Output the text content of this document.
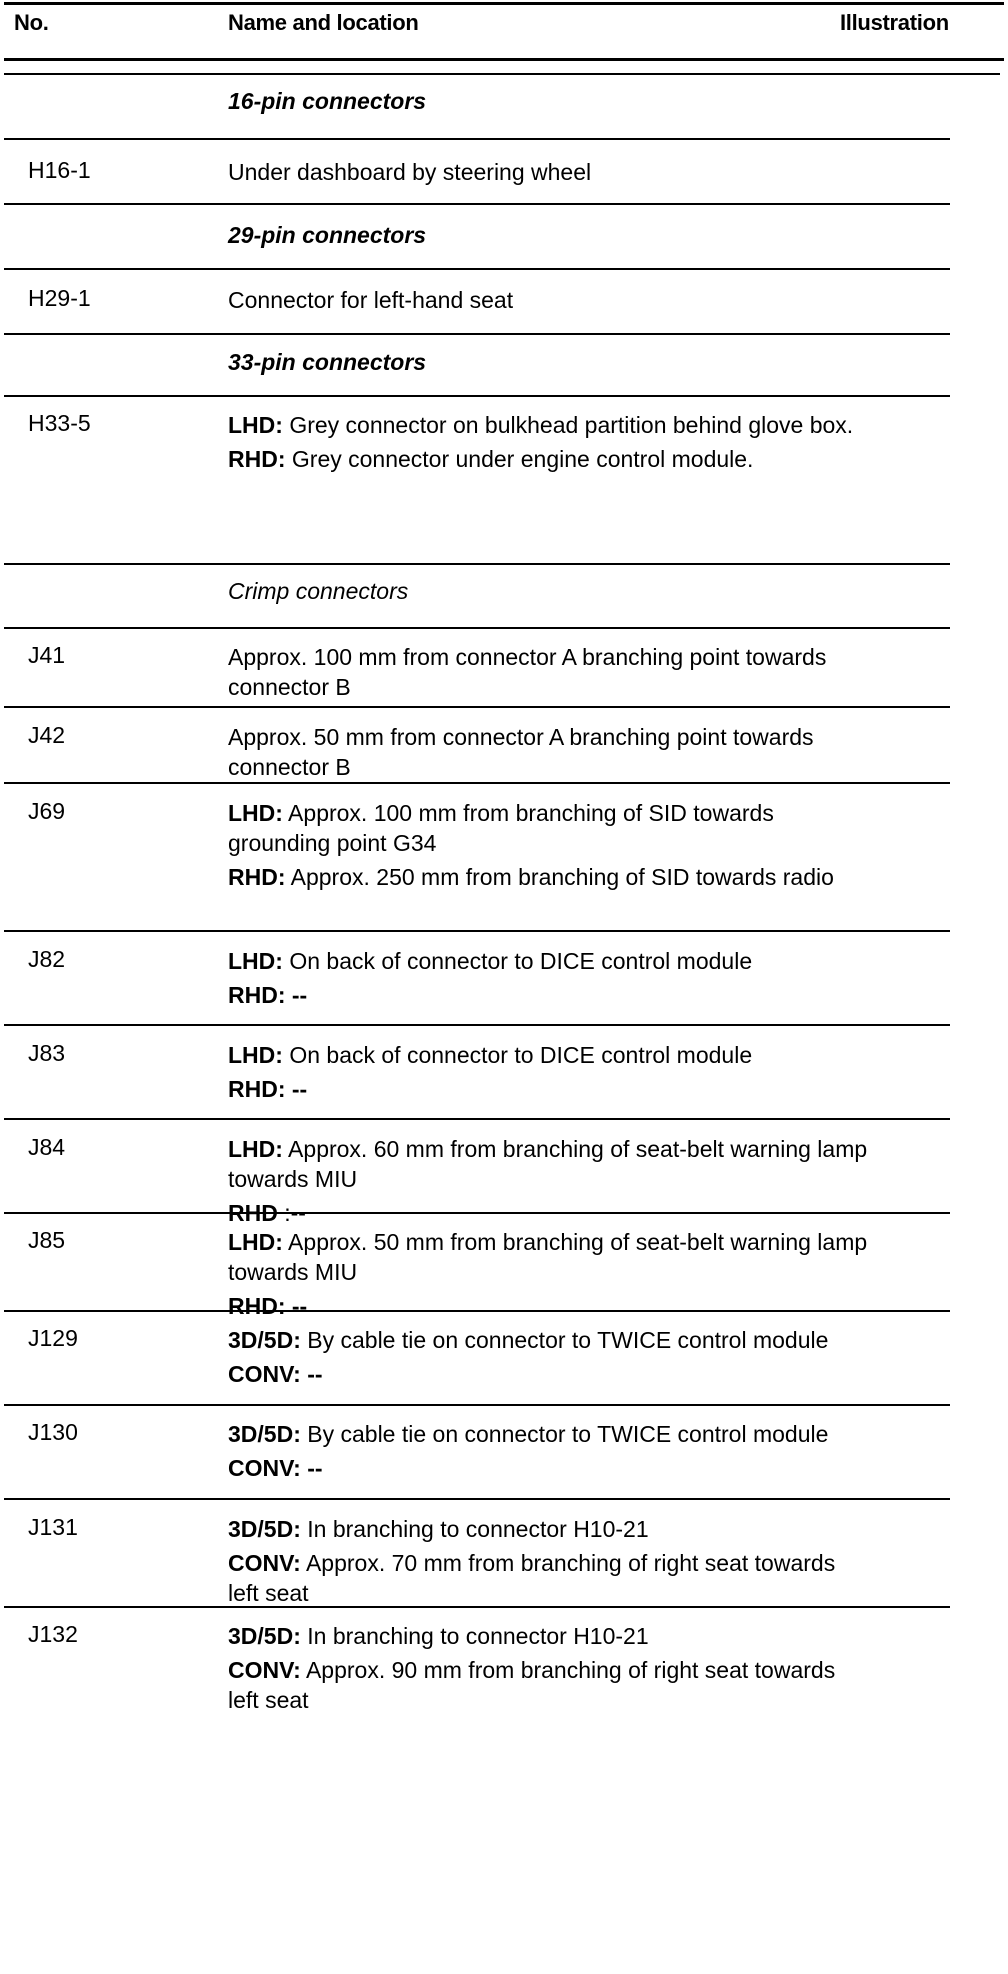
No.	Name and location	Illustration
16-pin connectors
H16-1	Under dashboard by steering wheel
29-pin connectors
H29-1	Connector for left-hand seat
33-pin connectors
H33-5	LHD: Grey connector on bulkhead partition behind glove box.
RHD: Grey connector under engine control module.
Crimp connectors
J41	Approx. 100 mm from connector A branching point towards connector B
J42	Approx. 50 mm from connector A branching point towards connector B
J69	LHD: Approx. 100 mm from branching of SID towards grounding point G34
RHD: Approx. 250 mm from branching of SID towards radio
J82	LHD: On back of connector to DICE control module
RHD: --
J83	LHD: On back of connector to DICE control module
RHD: --
J84	LHD: Approx. 60 mm from branching of seat-belt warning lamp towards MIU
RHD :--
J85	LHD: Approx. 50 mm from branching of seat-belt warning lamp towards MIU
RHD: --
J129	3D/5D: By cable tie on connector to TWICE control module
CONV: --
J130	3D/5D: By cable tie on connector to TWICE control module
CONV: --
J131	3D/5D: In branching to connector H10-21
CONV: Approx. 70 mm from branching of right seat towards left seat
J132	3D/5D: In branching to connector H10-21
CONV: Approx. 90 mm from branching of right seat towards left seat
